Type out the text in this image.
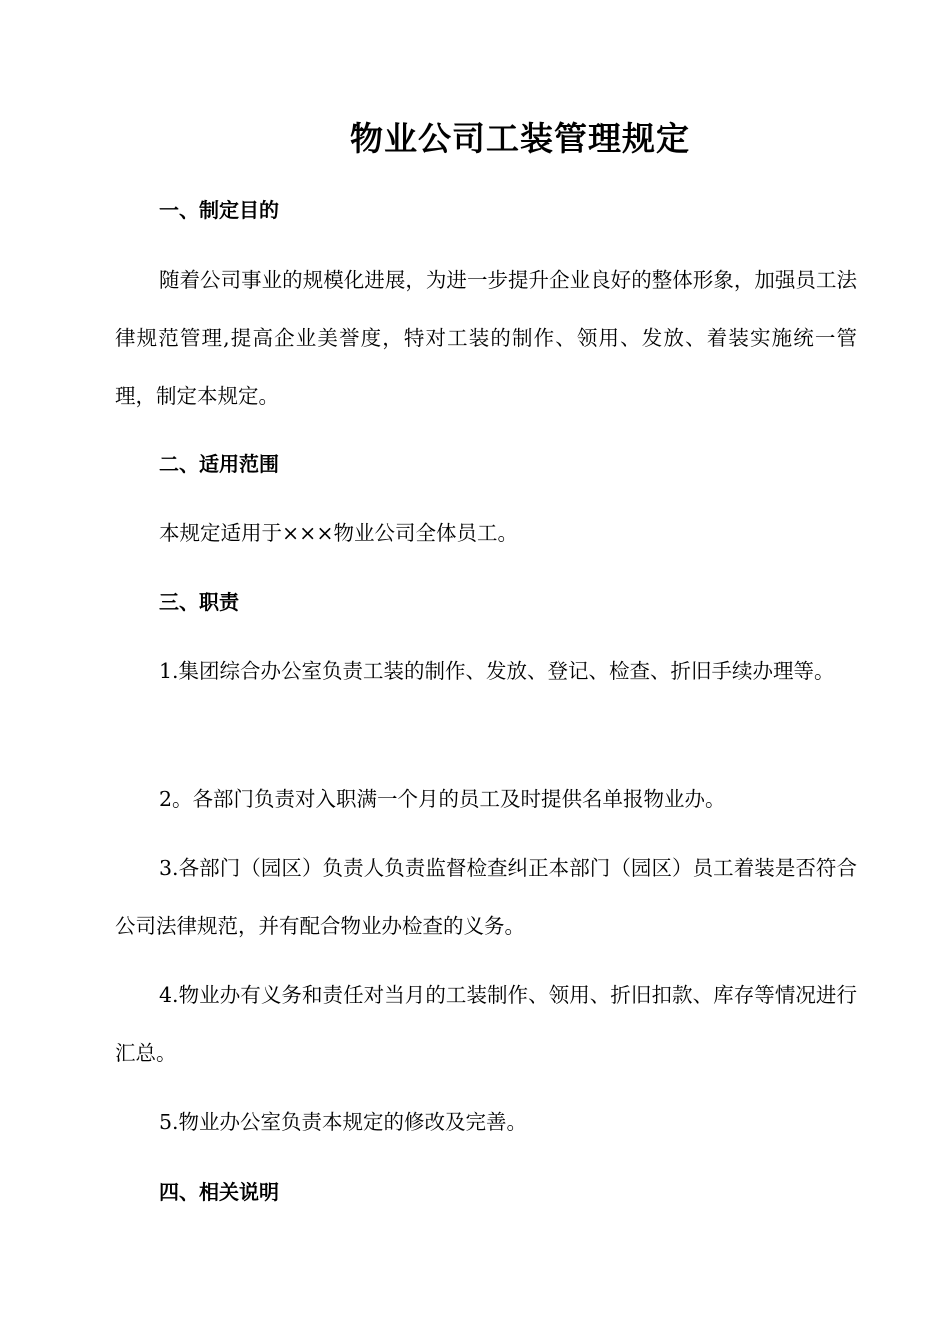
物业公司工装管理规定
一、制定目的

随着公司事业的规模化进展，为进一步提升企业良好的整体形象，加强员工法律规范管理,提高企业美誉度，特对工装的制作、领用、发放、着装实施统一管理，制定本规定。

二、适用范围

本规定适用于×××物业公司全体员工。

三、职责

1.集团综合办公室负责工装的制作、发放、登记、检查、折旧手续办理等。

2。各部门负责对入职满一个月的员工及时提供名单报物业办。

3.各部门（园区）负责人负责监督检查纠正本部门（园区）员工着装是否符合公司法律规范，并有配合物业办检查的义务。

4.物业办有义务和责任对当月的工装制作、领用、折旧扣款、库存等情况进行汇总。

5.物业办公室负责本规定的修改及完善。

四、相关说明
